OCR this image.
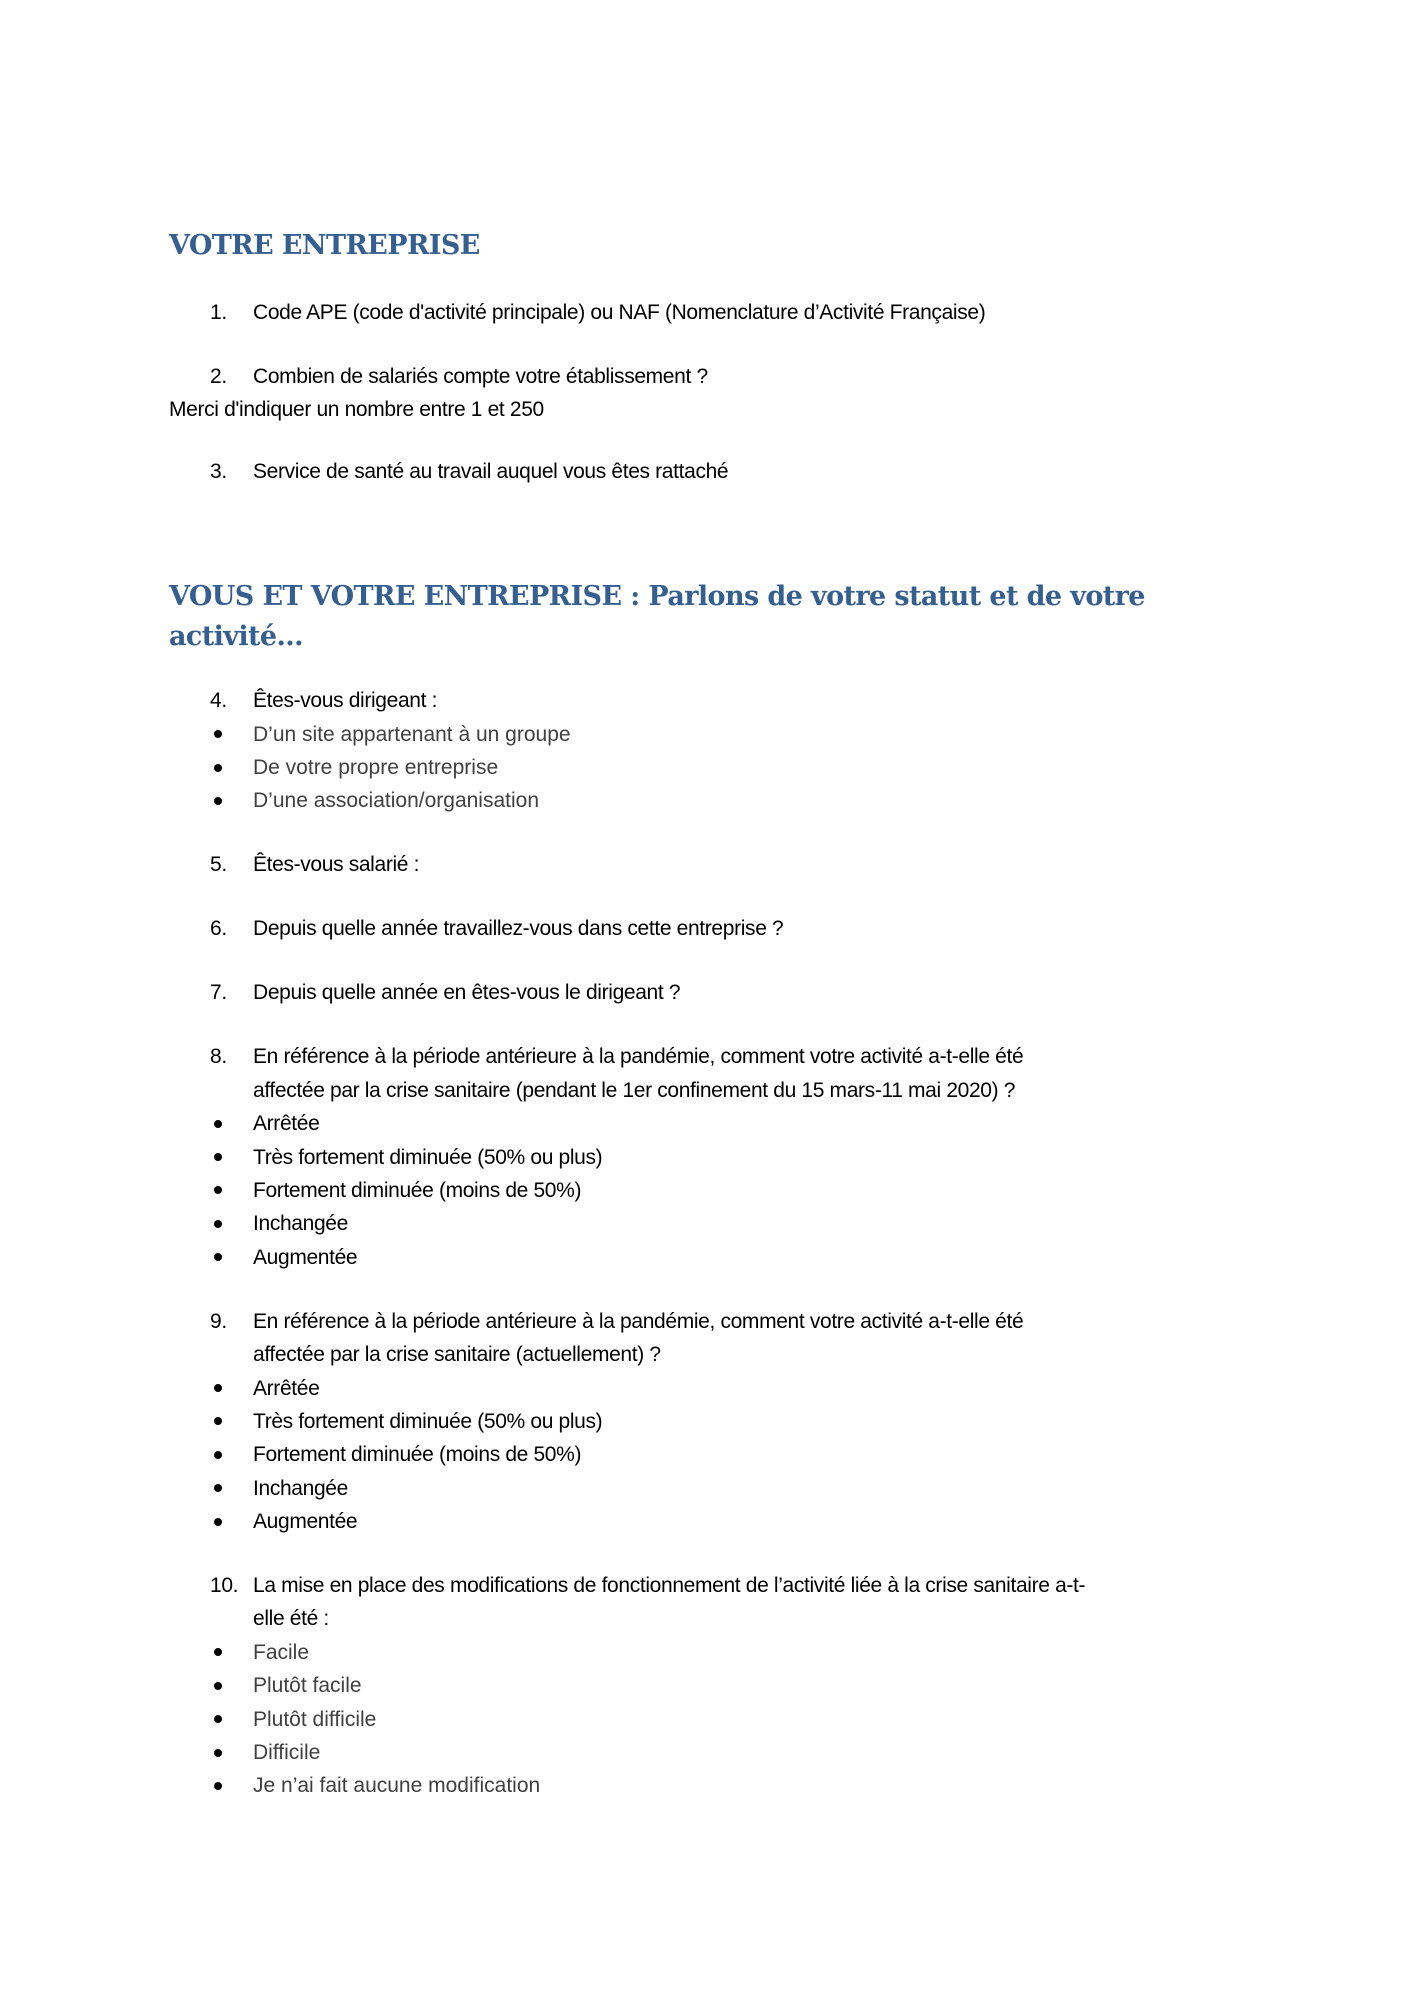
VOTRE ENTREPRISE
1. Code APE (code d'activité principale) ou NAF (Nomenclature d’Activité Française)
2. Combien de salariés compte votre établissement ?
Merci d'indiquer un nombre entre 1 et 250
3. Service de santé au travail auquel vous êtes rattaché
VOUS ET VOTRE ENTREPRISE : Parlons de votre statut et de votre
activité…
4. Êtes-vous dirigeant :
D’un site appartenant à un groupe
De votre propre entreprise
D’une association/organisation
5. Êtes-vous salarié :
6. Depuis quelle année travaillez-vous dans cette entreprise ?
7. Depuis quelle année en êtes-vous le dirigeant ?
8. En référence à la période antérieure à la pandémie, comment votre activité a-t-elle été
affectée par la crise sanitaire (pendant le 1er confinement du 15 mars-11 mai 2020) ?
Arrêtée
Très fortement diminuée (50% ou plus)
Fortement diminuée (moins de 50%)
Inchangée
Augmentée
9. En référence à la période antérieure à la pandémie, comment votre activité a-t-elle été
affectée par la crise sanitaire (actuellement) ?
Arrêtée
Très fortement diminuée (50% ou plus)
Fortement diminuée (moins de 50%)
Inchangée
Augmentée
10. La mise en place des modifications de fonctionnement de l’activité liée à la crise sanitaire a-t-
elle été :
Facile
Plutôt facile
Plutôt difficile
Difficile
Je n’ai fait aucune modification
